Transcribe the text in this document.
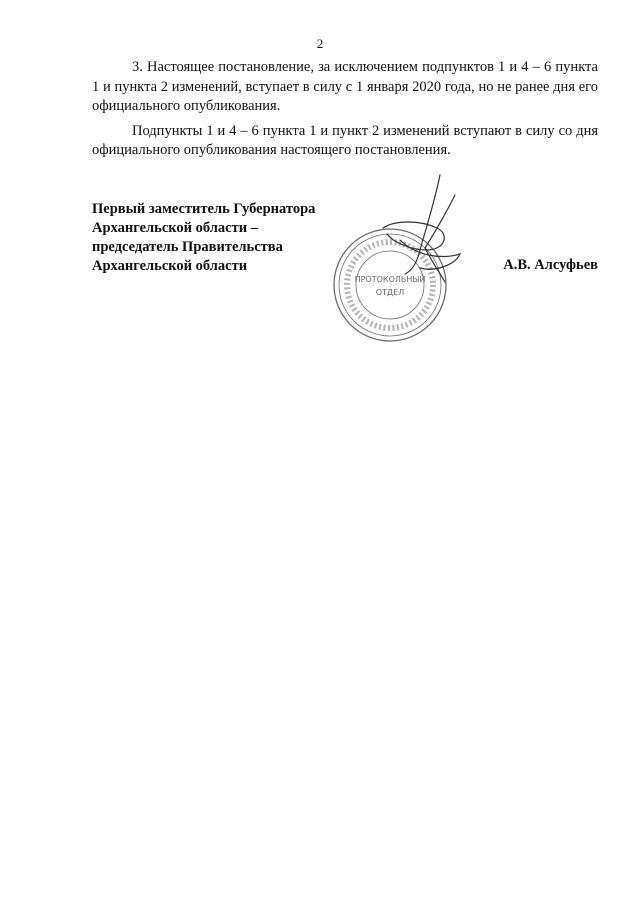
2

3. Настоящее постановление, за исключением подпунктов 1 и 4 – 6 пункта 1 и пункта 2 изменений, вступает в силу с 1 января 2020 года, но не ранее дня его официального опубликования.

Подпункты 1 и 4 – 6 пункта 1 и пункт 2 изменений вступают в силу со дня официального опубликования настоящего постановления.

Первый заместитель Губернатора
Архангельской области –
председатель Правительства
Архангельской области
ПРОТОКОЛЬНЫЙ
ОТДЕЛ
А.В. Алсуфьев
